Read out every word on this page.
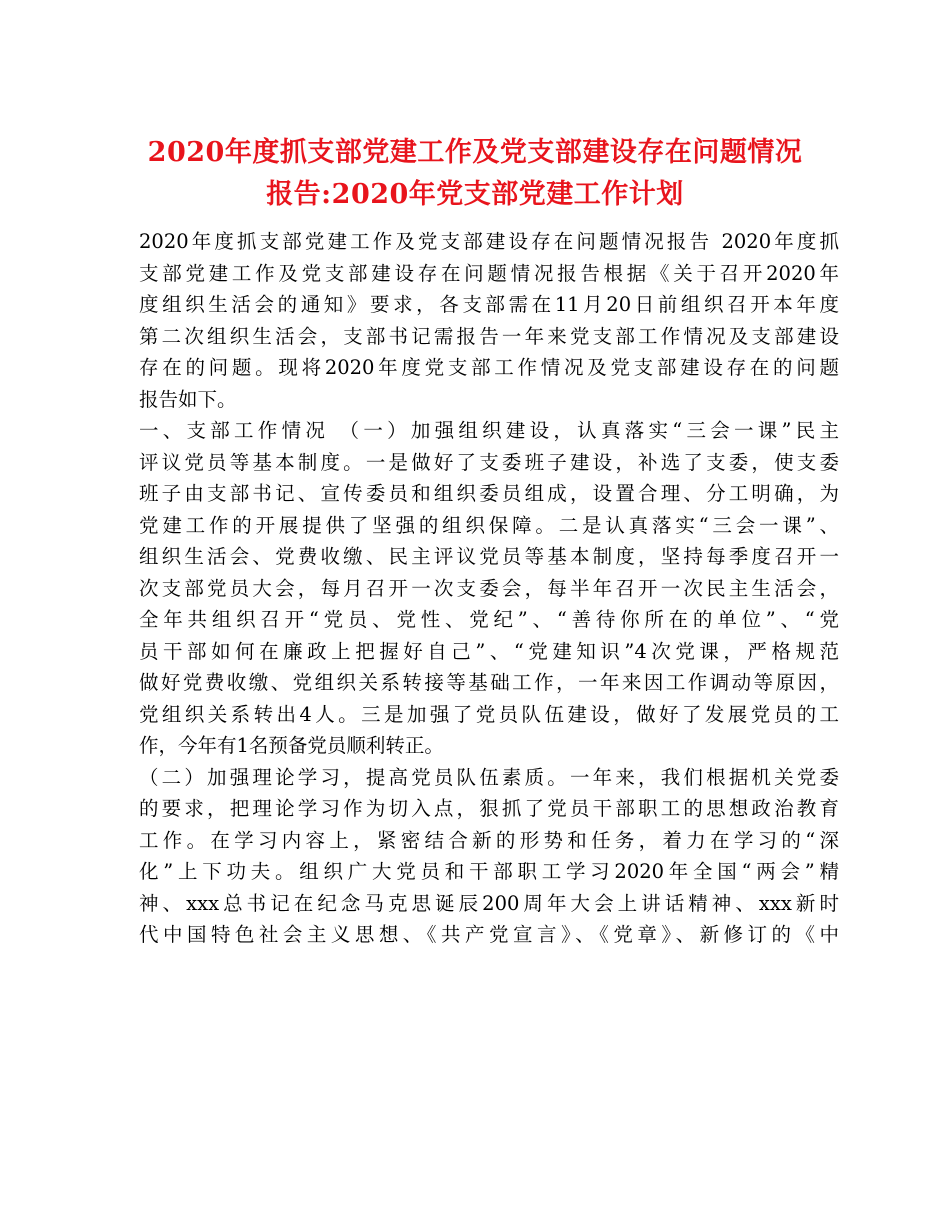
2020年度抓支部党建工作及党支部建设存在问题情况
报告:2020年党支部党建工作计划
2020年度抓支部党建工作及党支部建设存在问题情况报告 2020年度抓
支部党建工作及党支部建设存在问题情况报告根据《关于召开2020年
度组织生活会的通知》要求，各支部需在11月20日前组织召开本年度
第二次组织生活会，支部书记需报告一年来党支部工作情况及支部建设
存在的问题。现将2020年度党支部工作情况及党支部建设存在的问题
报告如下。
一、支部工作情况 （一）加强组织建设，认真落实“三会一课”民主
评议党员等基本制度。一是做好了支委班子建设，补选了支委，使支委
班子由支部书记、宣传委员和组织委员组成，设置合理、分工明确，为
党建工作的开展提供了坚强的组织保障。二是认真落实“三会一课”、
组织生活会、党费收缴、民主评议党员等基本制度，坚持每季度召开一
次支部党员大会，每月召开一次支委会，每半年召开一次民主生活会，
全年共组织召开“党员、党性、党纪”、“善待你所在的单位”、“党
员干部如何在廉政上把握好自己”、“党建知识”4次党课，严格规范
做好党费收缴、党组织关系转接等基础工作，一年来因工作调动等原因，
党组织关系转出4人。三是加强了党员队伍建设，做好了发展党员的工
作，今年有1名预备党员顺利转正。
（二）加强理论学习，提高党员队伍素质。一年来，我们根据机关党委
的要求，把理论学习作为切入点，狠抓了党员干部职工的思想政治教育
工作。在学习内容上，紧密结合新的形势和任务，着力在学习的“深
化”上下功夫。组织广大党员和干部职工学习2020年全国“两会”精
神、xxx总书记在纪念马克思诞辰200周年大会上讲话精神、xxx新时
代中国特色社会主义思想、《共产党宣言》、《党章》、新修订的《中
